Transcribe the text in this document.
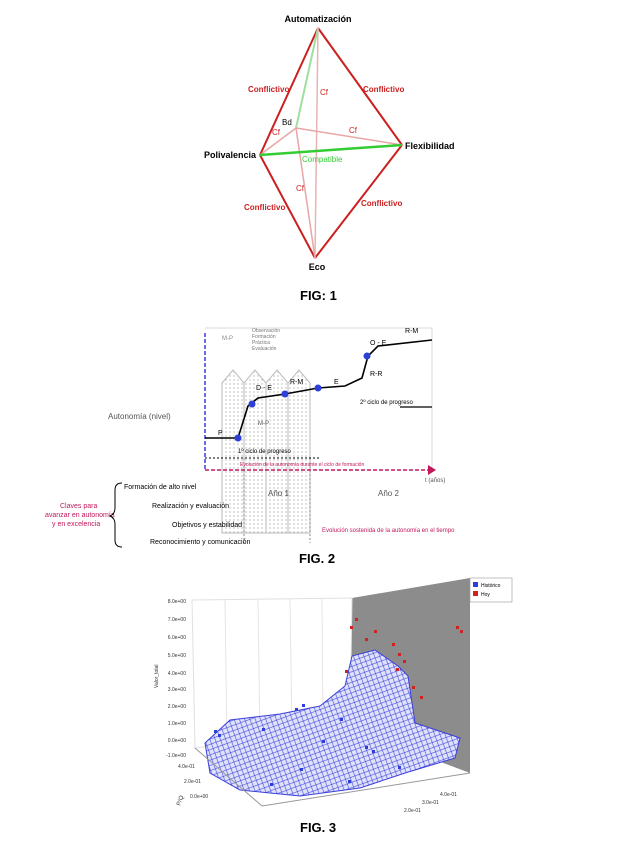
Automatización
Polivalencia
Flexibilidad
Eco
Bd
Conflictivo	Conflictivo
Conflictivo	Conflictivo
Compatible
Cf
Cf	Cf
Cf
FIG: 1
P
D - E
R-M	E
O - E
R-R
R-M
M-P
M-P
Observación
Formación
Práctica
Evaluación
Autonomía (nivel)
t (años)
1º ciclo de progreso
2º ciclo de progreso
Evolución de la autonomía durante el ciclo de formación
Año 1	Año 2
Claves para
avanzar en autonomía
y en excelencia
Formación de alto nivel
Realización y evaluación
Objetivos y estabilidad
Reconocimiento y comunicación
Evolución sostenida de la autonomía en el tiempo
FIG. 2
8.0e+00
7.0e+00
6.0e+00
5.0e+00
4.0e+00
3.0e+00
2.0e+00
1.0e+00
0.0e+00
-1.0e+00
Valor_total
4.0e-01
2.0e-01
0.0e+00
P/Q	4.0e-01
3.0e-01
2.0e-01
Histórico
Hoy
FIG. 3
